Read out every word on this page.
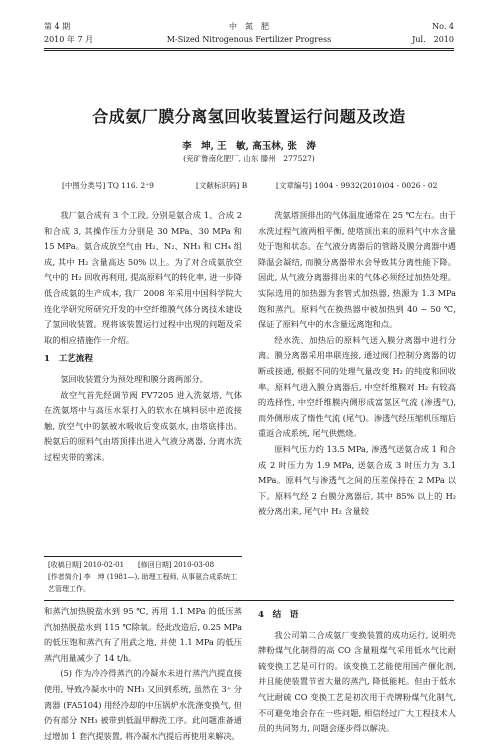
第 4 期	中　氮　肥	No. 4
2010 年 7 月	M-Sized Nitrogenous Fertilizer Progress	Jul.　2010
合成氨厂膜分离氢回收装置运行问题及改造
李　坤, 王　敏, 高玉林, 张　涛
(兖矿鲁南化肥厂, 山东 滕州　277527)
[中图分类号] TQ 116. 2⁺9	[文献标识码] B	[文章编号] 1004 - 9932(2010)04 - 0026 - 02

我厂氨合成有 3 个工段, 分别是氨合成 1、合成 2 和合成 3, 其操作压力分别是 30 MPa、30 MPa 和 15 MPa。氨合成放空气由 H₂、N₂、NH₃ 和 CH₄ 组成, 其中 H₂ 含量高达 50% 以上。为了对合成氨放空气中的 H₂ 回收再利用, 提高原料气的转化率, 进一步降低合成氨的生产成本, 我厂 2008 年采用中国科学院大连化学研究所研究开发的中空纤维膜气体分离技术建设了氢回收装置。现将该装置运行过程中出现的问题及采取的相应措施作一介绍。

1　工艺流程

氢回收装置分为预处理和膜分离两部分。

故空气首先经调节阀 FV7205 进入洗氨塔, 气体在洗氨塔中与高压水泵打入的软水在填料层中逆流接触, 放空气中的氨被水吸收后变成氨水, 由塔底排出。脱氨后的原料气由塔顶排出进入气液分离器, 分离水洗过程夹带的雾沫。

[收稿日期] 2010-02-01　　[修回日期] 2010-03-08

[作者简介] 李　坤 (1981—), 助理工程师, 从事氨合成系统工艺管理工作。

洗氨塔顶排出的气体温度通常在 25 ℃左右。由于水洗过程气液两相平衡, 使塔顶出来的原料气中水含量处于饱和状态。在气液分离器后的管路及膜分离器中遇降温会凝结, 而膜分离器带水会导致其分离性能下降。因此, 从气液分离器排出来的气体必须经过加热处理。实际选用的加热器为套管式加热器, 热源为 1.3 MPa 饱和蒸汽。原料气在换热器中被加热到 40 ~ 50 ℃, 保证了原料气中的水含量远离饱和点。

经水洗、加热后的原料气送入膜分离器中进行分离。膜分离器采用串联连接, 通过阀门控制分离器的切断或接通, 根据不同的处理气量改变 H₂ 的纯度和回收率。原料气进入膜分离器后, 中空纤维膜对 H₂ 有较高的选择性, 中空纤维膜内侧形成富氢区气流 (渗透气), 而外侧形成了惰性气流 (尾气)。渗透气经压缩机压缩后重返合成系统, 尾气供燃烧。

原料气压力约 13.5 MPa, 渗透气送氨合成 1 和合成 2 时压力为 1.9 MPa, 送氨合成 3 时压力为 3.1 MPa。原料气与渗透气之间的压差保持在 2 MPa 以下。原料气经 2 台膜分离器后, 其中 85% 以上的 H₂ 被分离出来, 尾气中 H₂ 含量较

和蒸汽加热脱盐水到 95 ℃, 再用 1.1 MPa 的低压蒸汽加热脱盐水到 115 ℃除氧。经此改造后, 0.25 MPa 的低压饱和蒸汽有了用武之地, 并使 1.1 MPa 的低压蒸汽用量减少了 14 t/h。

(5) 作为冷冷得蒸汽的冷凝水未进行蒸汽汽提直接使用, 导致冷凝水中的 NH₃ 又回到系统, 虽然在 3⁺ 分离器 (FA5104) 用经冷却的中压锅炉水洗涤变换气, 但仍有部分 NH₃ 被带到低温甲醇洗工序。此问题准备通过增加 1 套汽提装置, 将冷凝水汽提后再使用来解决。

4　结　语

我公司第二合成氨厂变换装置的成功运行, 说明壳牌粉煤气化制得的高 CO 含量粗煤气采用低水气比耐硫变换工艺是可行的。该变换工艺能使用国产催化剂, 并且能使装置节省大量的蒸汽, 降低能耗。但由于低水气比耐硫 CO 变换工艺是初次用于壳牌粉煤气化制气, 不可避免地会存在一些问题, 相信经过广大工程技术人员的共同努力, 问题会逐步得以解决。
